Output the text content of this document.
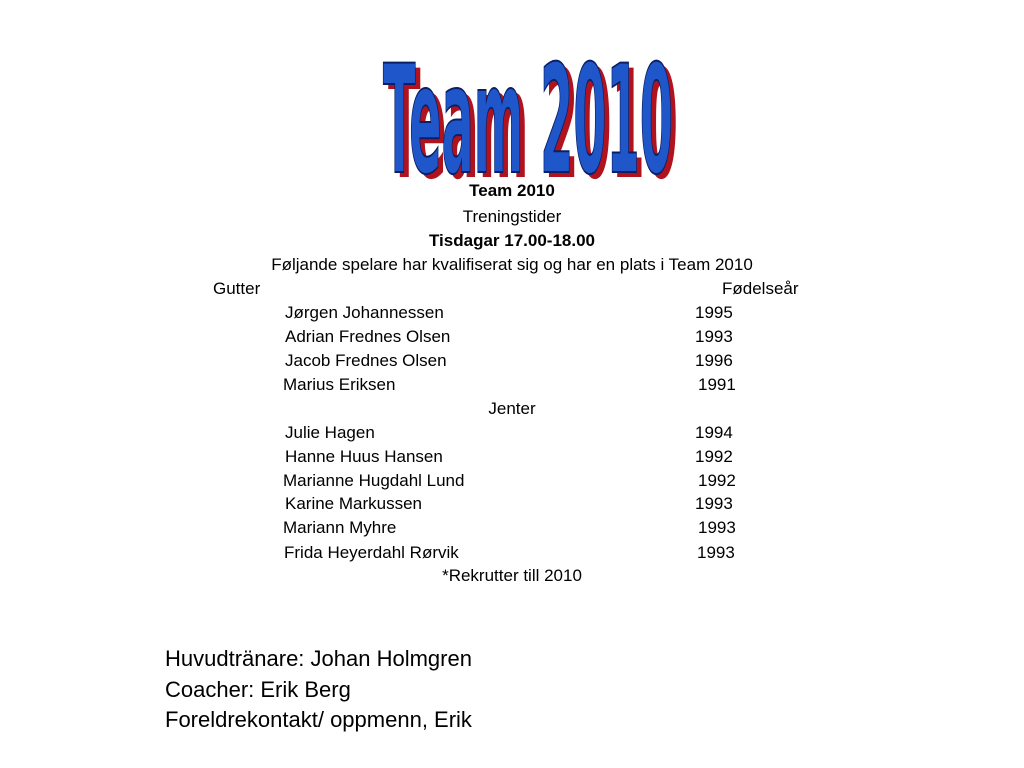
Team 2010
Team 2010
Team 2010
Treningstider
Tisdagar 17.00-18.00
Føljande spelare har kvalifiserat sig og har en plats i Team 2010
Gutter	Fødelseår
Jørgen Johannessen	1995
Adrian Frednes Olsen	1993
Jacob Frednes Olsen	1996
Marius Eriksen	1991
Jenter
Julie Hagen	1994
Hanne Huus Hansen	1992
Marianne Hugdahl Lund	1992
Karine Markussen	1993
Mariann Myhre	1993
Frida Heyerdahl Rørvik	1993
*Rekrutter till 2010
Huvudtränare: Johan Holmgren
Coacher: Erik Berg
Foreldrekontakt/ oppmenn, Erik
